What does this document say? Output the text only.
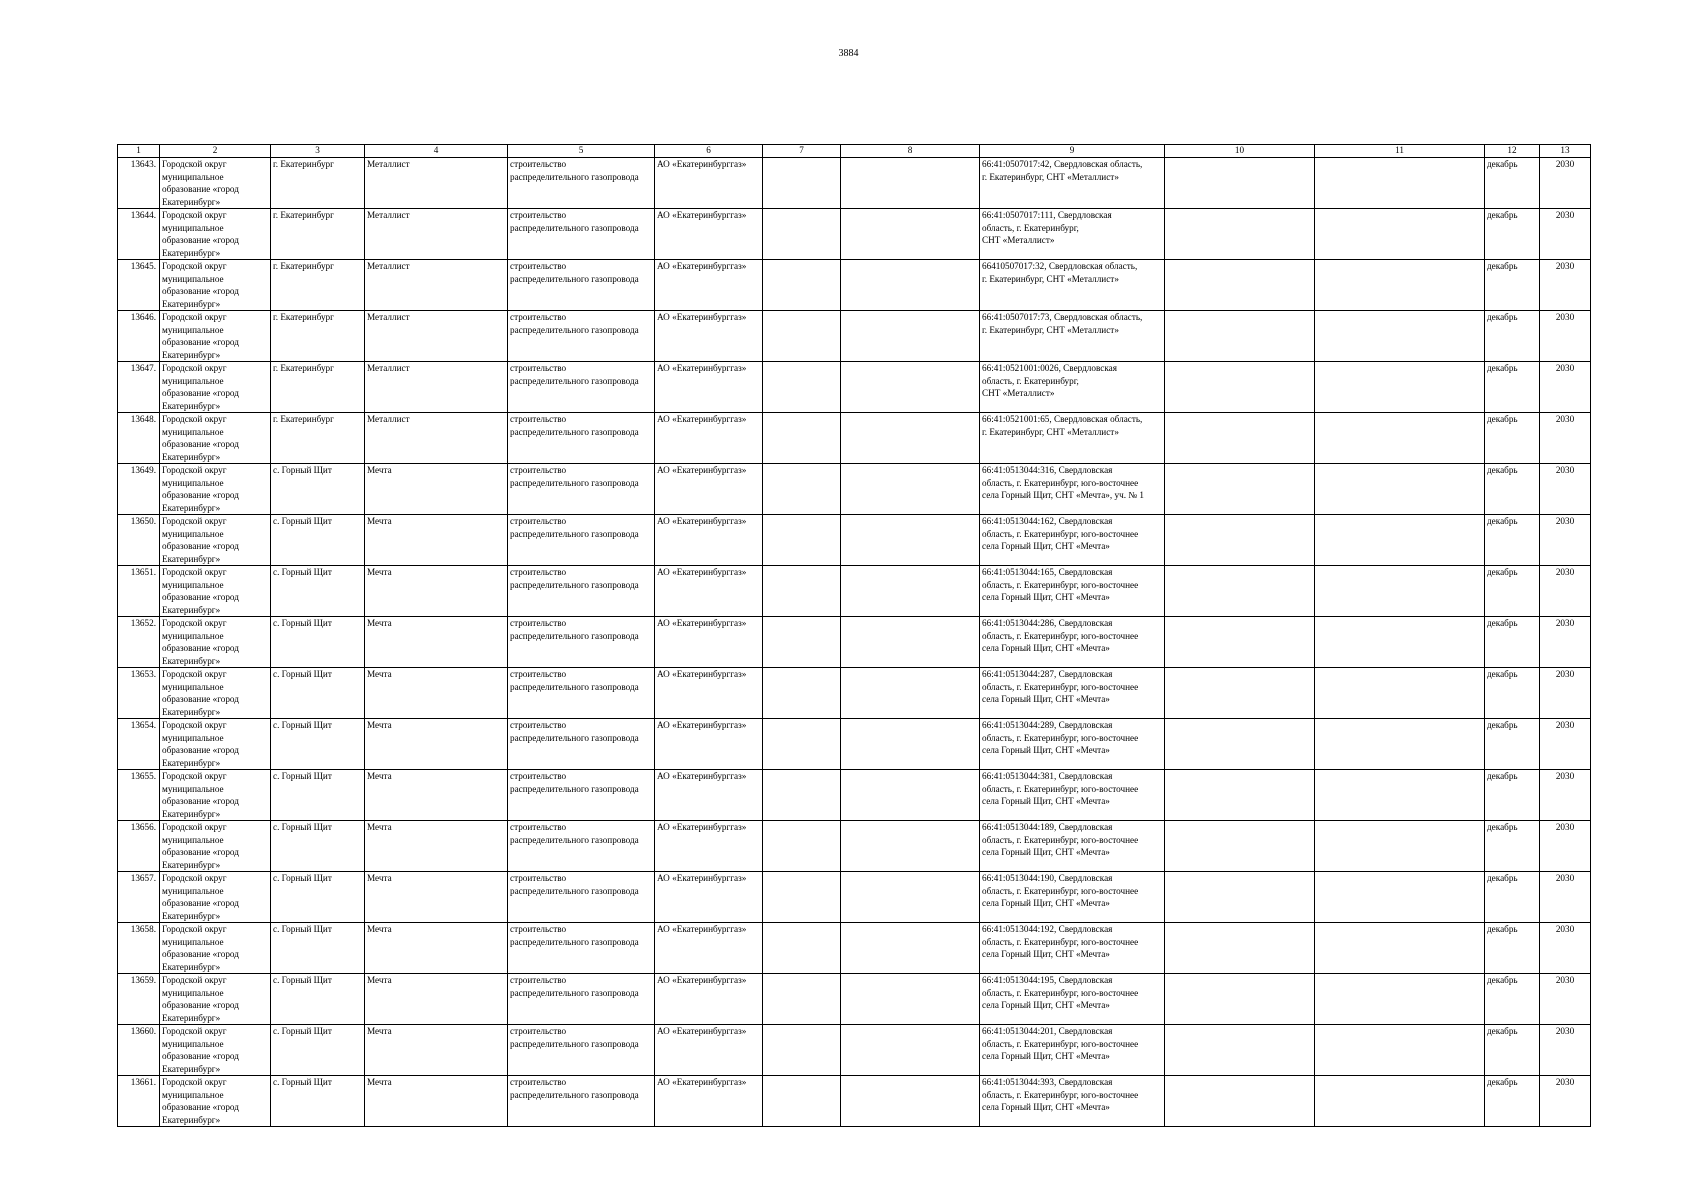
3884
1	2	3	4	5	6	7	8	9	10	11	12	13
13643.	Городской округ
муниципальное
образование «город
Екатеринбург»	г. Екатеринбург	Металлист	строительство
распределительного газопровода	АО «Екатеринбурггаз»			66:41:0507017:42, Свердловская область,
г. Екатеринбург, СНТ «Металлист»			декабрь	2030
13644.	Городской округ
муниципальное
образование «город
Екатеринбург»	г. Екатеринбург	Металлист	строительство
распределительного газопровода	АО «Екатеринбурггаз»			66:41:0507017:111, Свердловская
область, г. Екатеринбург,
СНТ «Металлист»			декабрь	2030
13645.	Городской округ
муниципальное
образование «город
Екатеринбург»	г. Екатеринбург	Металлист	строительство
распределительного газопровода	АО «Екатеринбурггаз»			66410507017:32, Свердловская область,
г. Екатеринбург, СНТ «Металлист»			декабрь	2030
13646.	Городской округ
муниципальное
образование «город
Екатеринбург»	г. Екатеринбург	Металлист	строительство
распределительного газопровода	АО «Екатеринбурггаз»			66:41:0507017:73, Свердловская область,
г. Екатеринбург, СНТ «Металлист»			декабрь	2030
13647.	Городской округ
муниципальное
образование «город
Екатеринбург»	г. Екатеринбург	Металлист	строительство
распределительного газопровода	АО «Екатеринбурггаз»			66:41:0521001:0026, Свердловская
область, г. Екатеринбург,
СНТ «Металлист»			декабрь	2030
13648.	Городской округ
муниципальное
образование «город
Екатеринбург»	г. Екатеринбург	Металлист	строительство
распределительного газопровода	АО «Екатеринбурггаз»			66:41:0521001:65, Свердловская область,
г. Екатеринбург, СНТ «Металлист»			декабрь	2030
13649.	Городской округ
муниципальное
образование «город
Екатеринбург»	с. Горный Щит	Мечта	строительство
распределительного газопровода	АО «Екатеринбурггаз»			66:41:0513044:316, Свердловская
область, г. Екатеринбург, юго-восточнее
села Горный Щит, СНТ «Мечта», уч. № 1			декабрь	2030
13650.	Городской округ
муниципальное
образование «город
Екатеринбург»	с. Горный Щит	Мечта	строительство
распределительного газопровода	АО «Екатеринбурггаз»			66:41:0513044:162, Свердловская
область, г. Екатеринбург, юго-восточнее
села Горный Щит, СНТ «Мечта»			декабрь	2030
13651.	Городской округ
муниципальное
образование «город
Екатеринбург»	с. Горный Щит	Мечта	строительство
распределительного газопровода	АО «Екатеринбурггаз»			66:41:0513044:165, Свердловская
область, г. Екатеринбург, юго-восточнее
села Горный Щит, СНТ «Мечта»			декабрь	2030
13652.	Городской округ
муниципальное
образование «город
Екатеринбург»	с. Горный Щит	Мечта	строительство
распределительного газопровода	АО «Екатеринбурггаз»			66:41:0513044:286, Свердловская
область, г. Екатеринбург, юго-восточнее
села Горный Щит, СНТ «Мечта»			декабрь	2030
13653.	Городской округ
муниципальное
образование «город
Екатеринбург»	с. Горный Щит	Мечта	строительство
распределительного газопровода	АО «Екатеринбурггаз»			66:41:0513044:287, Свердловская
область, г. Екатеринбург, юго-восточнее
села Горный Щит, СНТ «Мечта»			декабрь	2030
13654.	Городской округ
муниципальное
образование «город
Екатеринбург»	с. Горный Щит	Мечта	строительство
распределительного газопровода	АО «Екатеринбурггаз»			66:41:0513044:289, Свердловская
область, г. Екатеринбург, юго-восточнее
села Горный Щит, СНТ «Мечта»			декабрь	2030
13655.	Городской округ
муниципальное
образование «город
Екатеринбург»	с. Горный Щит	Мечта	строительство
распределительного газопровода	АО «Екатеринбурггаз»			66:41:0513044:381, Свердловская
область, г. Екатеринбург, юго-восточнее
села Горный Щит, СНТ «Мечта»			декабрь	2030
13656.	Городской округ
муниципальное
образование «город
Екатеринбург»	с. Горный Щит	Мечта	строительство
распределительного газопровода	АО «Екатеринбурггаз»			66:41:0513044:189, Свердловская
область, г. Екатеринбург, юго-восточнее
села Горный Щит, СНТ «Мечта»			декабрь	2030
13657.	Городской округ
муниципальное
образование «город
Екатеринбург»	с. Горный Щит	Мечта	строительство
распределительного газопровода	АО «Екатеринбурггаз»			66:41:0513044:190, Свердловская
область, г. Екатеринбург, юго-восточнее
села Горный Щит, СНТ «Мечта»			декабрь	2030
13658.	Городской округ
муниципальное
образование «город
Екатеринбург»	с. Горный Щит	Мечта	строительство
распределительного газопровода	АО «Екатеринбурггаз»			66:41:0513044:192, Свердловская
область, г. Екатеринбург, юго-восточнее
села Горный Щит, СНТ «Мечта»			декабрь	2030
13659.	Городской округ
муниципальное
образование «город
Екатеринбург»	с. Горный Щит	Мечта	строительство
распределительного газопровода	АО «Екатеринбурггаз»			66:41:0513044:195, Свердловская
область, г. Екатеринбург, юго-восточнее
села Горный Щит, СНТ «Мечта»			декабрь	2030
13660.	Городской округ
муниципальное
образование «город
Екатеринбург»	с. Горный Щит	Мечта	строительство
распределительного газопровода	АО «Екатеринбурггаз»			66:41:0513044:201, Свердловская
область, г. Екатеринбург, юго-восточнее
села Горный Щит, СНТ «Мечта»			декабрь	2030
13661.	Городской округ
муниципальное
образование «город
Екатеринбург»	с. Горный Щит	Мечта	строительство
распределительного газопровода	АО «Екатеринбурггаз»			66:41:0513044:393, Свердловская
область, г. Екатеринбург, юго-восточнее
села Горный Щит, СНТ «Мечта»			декабрь	2030
